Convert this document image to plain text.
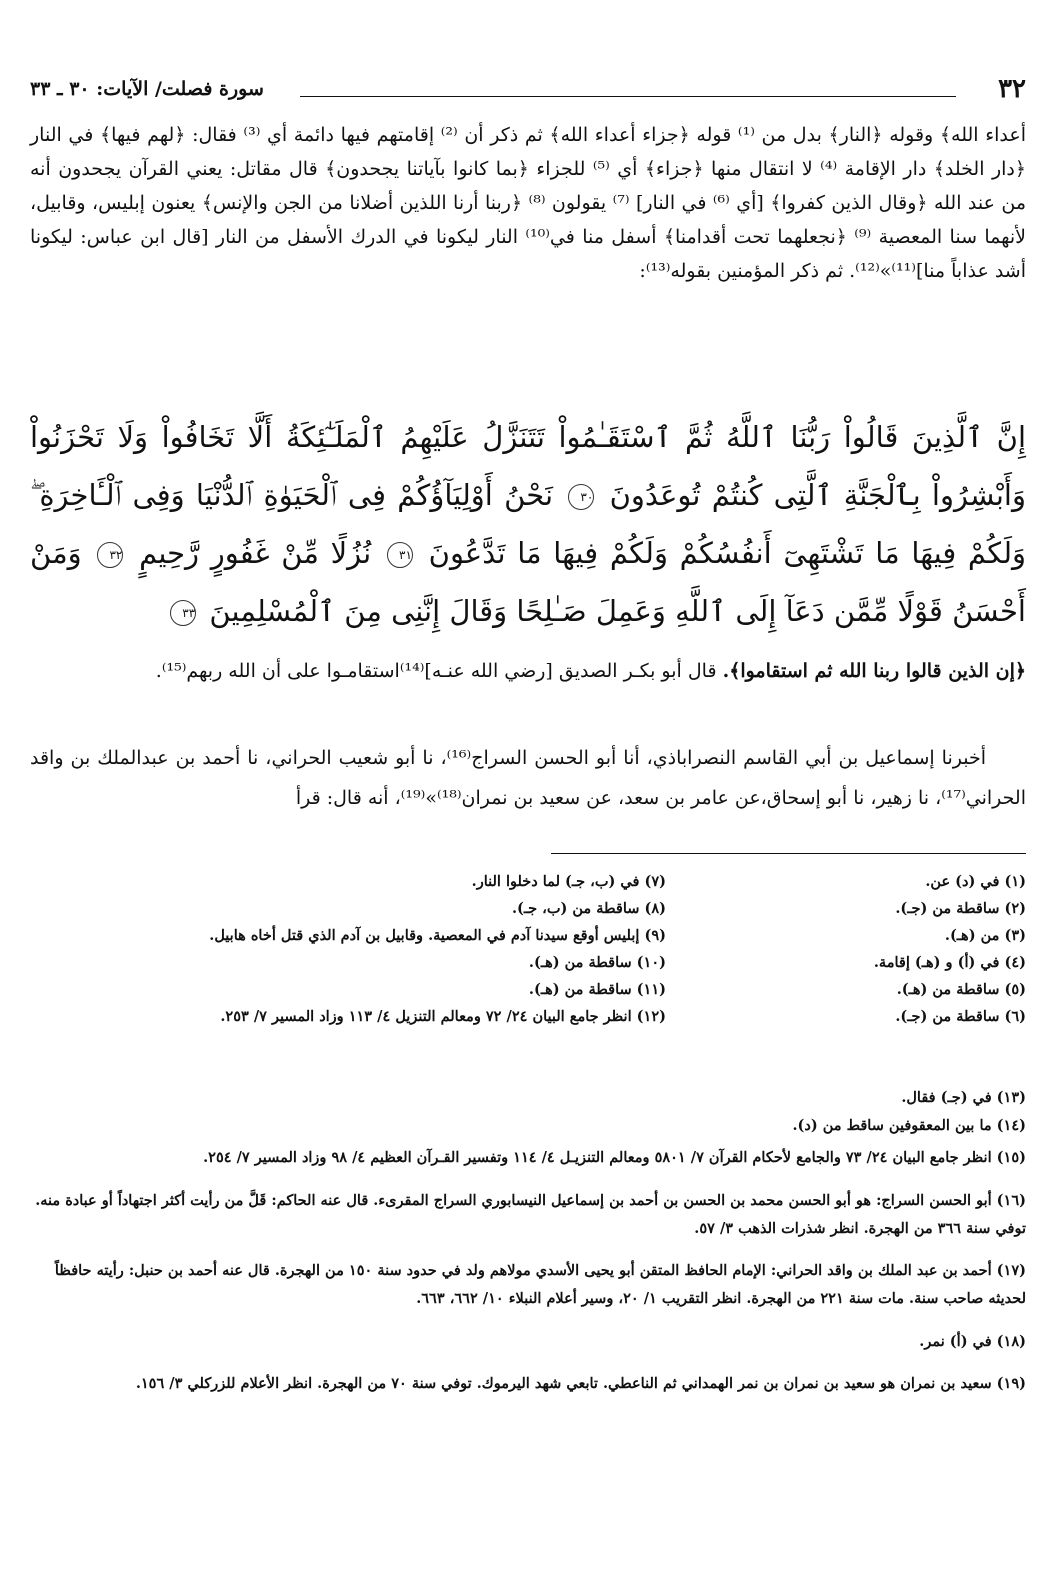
٣٢
سورة فصلت/ الآيات: ٣٠ ـ ٣٣

أعداء الله﴾ وقوله ﴿النار﴾ بدل من ⁽¹⁾ قوله ﴿جزاء أعداء الله﴾ ثم ذكر أن ⁽²⁾ إقامتهم فيها دائمة أي ⁽³⁾ فقال: ﴿لهم فيها﴾ في النار ﴿دار الخلد﴾ دار الإقامة ⁽⁴⁾ لا انتقال منها ﴿جزاء﴾ أي ⁽⁵⁾ للجزاء ﴿بما كانوا بآياتنا يجحدون﴾ قال مقاتل: يعني القرآن يجحدون أنه من عند الله ﴿وقال الذين كفروا﴾ [أي ⁽⁶⁾ في النار] ⁽⁷⁾ يقولون ⁽⁸⁾ ﴿ربنا أرنا اللذين أضلانا من الجن والإنس﴾ يعنون إبليس، وقابيل، لأنهما سنا المعصية ⁽⁹⁾ ﴿نجعلهما تحت أقدامنا﴾ أسفل منا في⁽¹⁰⁾ النار ليكونا في الدرك الأسفل من النار [قال ابن عباس: ليكونا أشد عذاباً منا]⁽¹¹⁾»⁽¹²⁾. ثم ذكر المؤمنين بقوله⁽¹³⁾:

إِنَّ ٱلَّذِينَ قَالُواْ رَبُّنَا ٱللَّهُ ثُمَّ ٱسْتَقَـٰمُواْ تَتَنَزَّلُ عَلَيْهِمُ ٱلْمَلَـٰٓئِكَةُ أَلَّا تَخَافُواْ وَلَا تَحْزَنُواْ وَأَبْشِرُواْ بِٱلْجَنَّةِ ٱلَّتِى كُنتُمْ تُوعَدُونَ ٣٠ نَحْنُ أَوْلِيَآؤُكُمْ فِى ٱلْحَيَوٰةِ ٱلدُّنْيَا وَفِى ٱلْـَٔاخِرَةِ ۖ وَلَكُمْ فِيهَا مَا تَشْتَهِىٓ أَنفُسُكُمْ وَلَكُمْ فِيهَا مَا تَدَّعُونَ ٣١ نُزُلًا مِّنْ غَفُورٍ رَّحِيمٍ ٣٢ وَمَنْ أَحْسَنُ قَوْلًا مِّمَّن دَعَآ إِلَى ٱللَّهِ وَعَمِلَ صَـٰلِحًا وَقَالَ إِنَّنِى مِنَ ٱلْمُسْلِمِينَ ٣٣
﴿إن الذين قالوا ربنا الله ثم استقاموا﴾. قال أبو بكـر الصديق [رضي الله عنـه]⁽¹⁴⁾استقامـوا على أن الله ربهم⁽¹⁵⁾.
أخبرنا إسماعيل بن أبي القاسم النصراباذي، أنا أبو الحسن السراج⁽¹⁶⁾، نا أبو شعيب الحراني، نا أحمد بن عبدالملك بن واقد الحراني⁽¹⁷⁾، نا زهير، نا أبو إسحاق،عن عامر بن سعد، عن سعيد بن نمران⁽¹⁸⁾»⁽¹⁹⁾، أنه قال: قرأ

(١) في (د) عن.

(٢) ساقطة من (جـ).

(٣) من (هـ).

(٤) في (أ) و (هـ) إقامة.

(٥) ساقطة من (هـ).

(٦) ساقطة من (جـ).

(٧) في (ب، جـ) لما دخلوا النار.

(٨) ساقطة من (ب، جـ).

(٩) إبليس أوقع سيدنا آدم في المعصية. وقابيل بن آدم الذي قتل أخاه هابيل.

(١٠) ساقطة من (هـ).

(١١) ساقطة من (هـ).

(١٢) انظر جامع البيان ٢٤/ ٧٢ ومعالم التنزيل ٤/ ١١٣ وزاد المسير ٧/ ٢٥٣.

(١٣) في (جـ) فقال.

(١٤) ما بين المعقوفين ساقط من (د).

(١٥) انظر جامع البيان ٢٤/ ٧٣ والجامع لأحكام القرآن ٧/ ٥٨٠١ ومعالم التنزيـل ٤/ ١١٤ وتفسير القـرآن العظيم ٤/ ٩٨ وزاد المسير ٧/ ٢٥٤.

(١٦) أبو الحسن السراج: هو أبو الحسن محمد بن الحسن بن أحمد بن إسماعيل النيسابوري السراج المقرىء. قال عنه الحاكم: قَلَّ من رأيت أكثر اجتهاداً أو عبادة منه. توفي سنة ٣٦٦ من الهجرة. انظر شذرات الذهب ٣/ ٥٧.

(١٧) أحمد بن عبد الملك بن واقد الحراني: الإمام الحافظ المتقن أبو يحيى الأسدي مولاهم ولد في حدود سنة ١٥٠ من الهجرة. قال عنه أحمد بن حنبل: رأيته حافظاً لحديثه صاحب سنة. مات سنة ٢٢١ من الهجرة. انظر التقريب ١/ ٢٠، وسير أعلام النبلاء ١٠/ ٦٦٢، ٦٦٣.

(١٨) في (أ) نمر.

(١٩) سعيد بن نمران هو سعيد بن نمران بن نمر الهمداني ثم الناعطي. تابعي شهد اليرموك. توفي سنة ٧٠ من الهجرة. انظر الأعلام للزركلي ٣/ ١٥٦.
